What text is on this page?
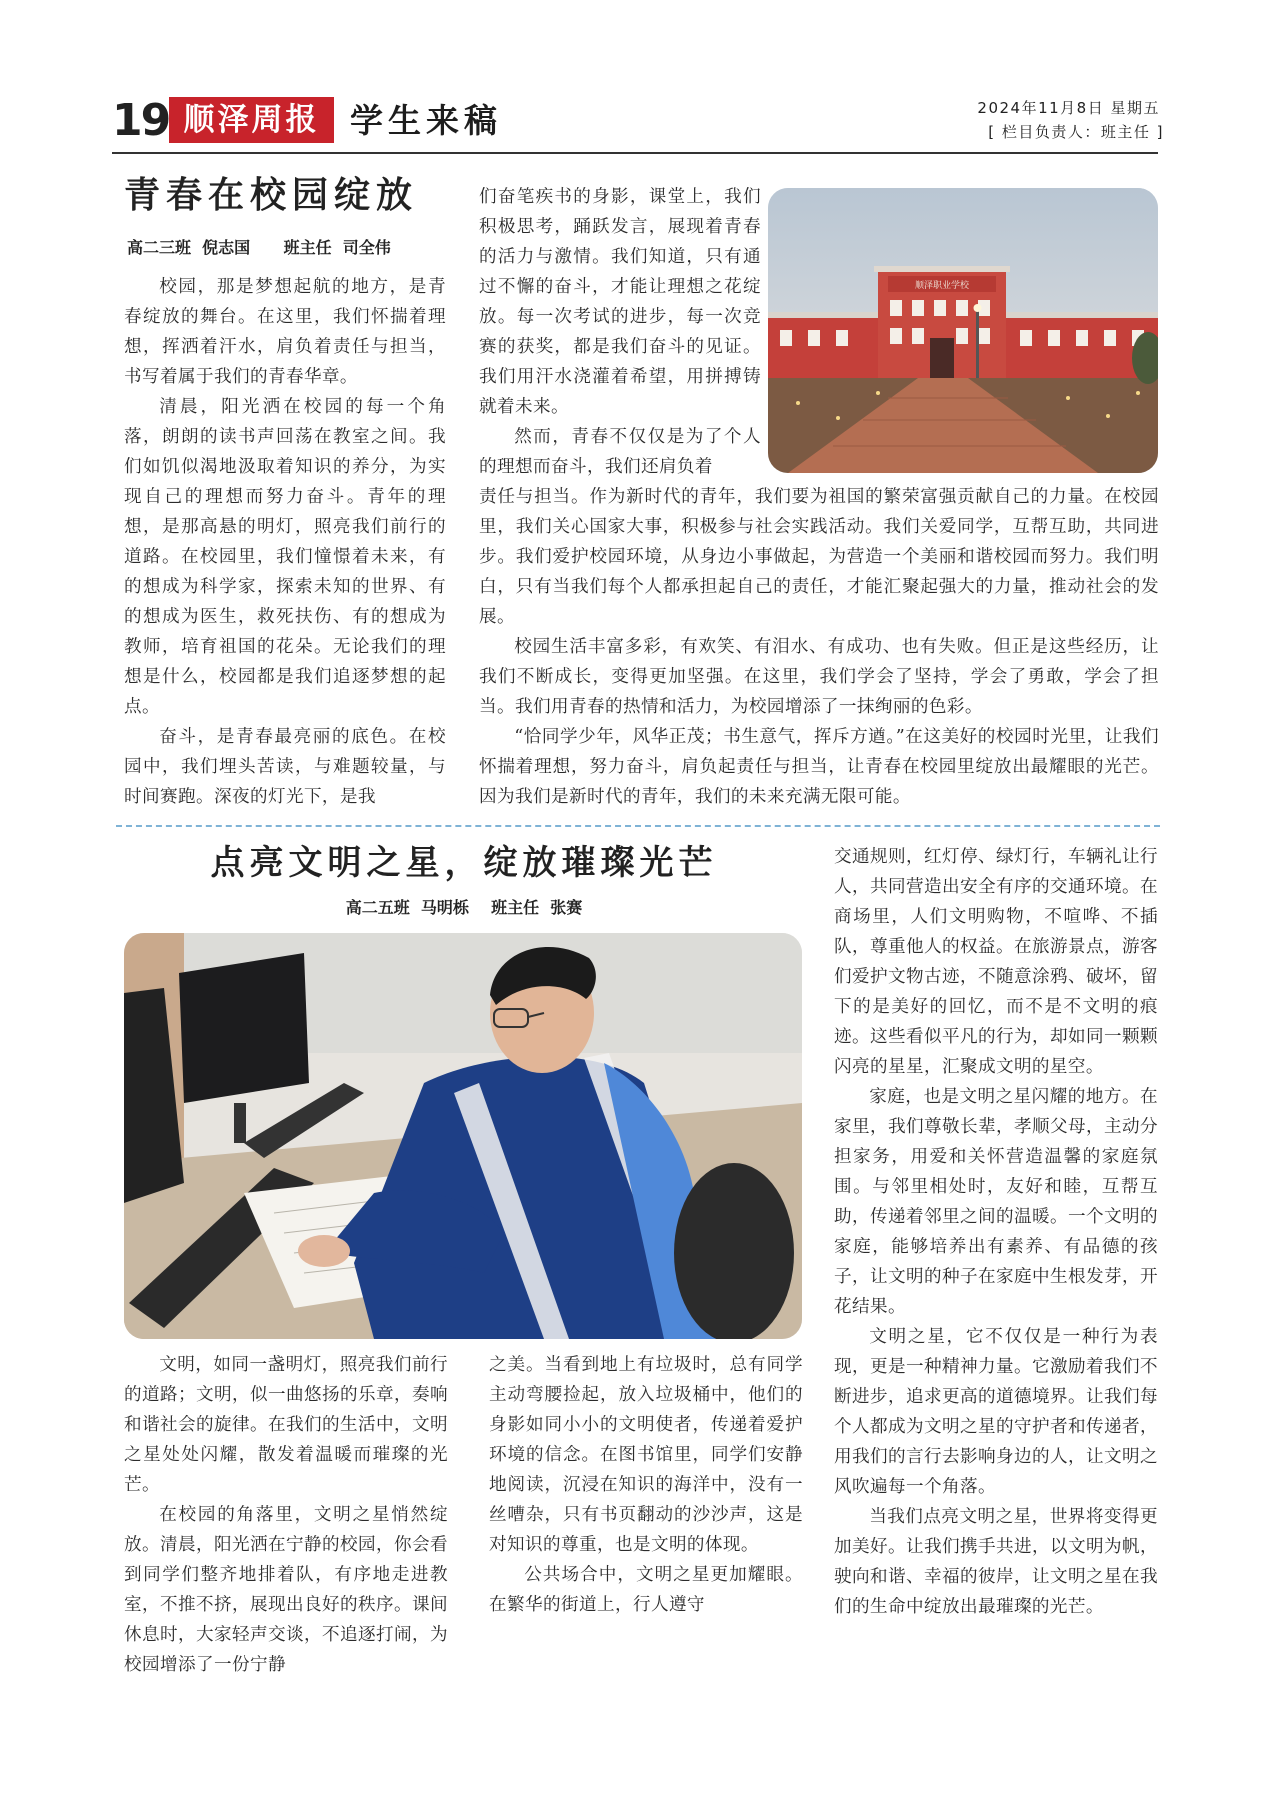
19 顺泽周报 学生来稿	2024年11月8日 星期五
[ 栏目负责人：班主任 ]
青春在校园绽放
高二三班  倪志国      班主任  司全伟

校园，那是梦想起航的地方，是青春绽放的舞台。在这里，我们怀揣着理想，挥洒着汗水，肩负着责任与担当，书写着属于我们的青春华章。

清晨，阳光洒在校园的每一个角落，朗朗的读书声回荡在教室之间。我们如饥似渴地汲取着知识的养分，为实现自己的理想而努力奋斗。青年的理想，是那高悬的明灯，照亮我们前行的道路。在校园里，我们憧憬着未来，有的想成为科学家，探索未知的世界、有的想成为医生，救死扶伤、有的想成为教师，培育祖国的花朵。无论我们的理想是什么，校园都是我们追逐梦想的起点。

奋斗，是青春最亮丽的底色。在校园中，我们埋头苦读，与难题较量，与时间赛跑。深夜的灯光下，是我

们奋笔疾书的身影，课堂上，我们积极思考，踊跃发言，展现着青春的活力与激情。我们知道，只有通过不懈的奋斗，才能让理想之花绽放。每一次考试的进步，每一次竞赛的获奖，都是我们奋斗的见证。我们用汗水浇灌着希望，用拼搏铸就着未来。

然而，青春不仅仅是为了个人的理想而奋斗，我们还肩负着

责任与担当。作为新时代的青年，我们要为祖国的繁荣富强贡献自己的力量。在校园里，我们关心国家大事，积极参与社会实践活动。我们关爱同学，互帮互助，共同进步。我们爱护校园环境，从身边小事做起，为营造一个美丽和谐校园而努力。我们明白，只有当我们每个人都承担起自己的责任，才能汇聚起强大的力量，推动社会的发展。

校园生活丰富多彩，有欢笑、有泪水、有成功、也有失败。但正是这些经历，让我们不断成长，变得更加坚强。在这里，我们学会了坚持，学会了勇敢，学会了担当。我们用青春的热情和活力，为校园增添了一抹绚丽的色彩。

“恰同学少年，风华正茂；书生意气，挥斥方遒。”在这美好的校园时光里，让我们怀揣着理想，努力奋斗，肩负起责任与担当，让青春在校园里绽放出最耀眼的光芒。因为我们是新时代的青年，我们的未来充满无限可能。

顺泽职业学校
点亮文明之星，绽放璀璨光芒
高二五班  马明栎    班主任  张赛

文明，如同一盏明灯，照亮我们前行的道路；文明，似一曲悠扬的乐章，奏响和谐社会的旋律。在我们的生活中，文明之星处处闪耀，散发着温暖而璀璨的光芒。

在校园的角落里，文明之星悄然绽放。清晨，阳光洒在宁静的校园，你会看到同学们整齐地排着队，有序地走进教室，不推不挤，展现出良好的秩序。课间休息时，大家轻声交谈，不追逐打闹，为校园增添了一份宁静

之美。当看到地上有垃圾时，总有同学主动弯腰捡起，放入垃圾桶中，他们的身影如同小小的文明使者，传递着爱护环境的信念。在图书馆里，同学们安静地阅读，沉浸在知识的海洋中，没有一丝嘈杂，只有书页翻动的沙沙声，这是对知识的尊重，也是文明的体现。

公共场合中，文明之星更加耀眼。在繁华的街道上，行人遵守

交通规则，红灯停、绿灯行，车辆礼让行人，共同营造出安全有序的交通环境。在商场里，人们文明购物，不喧哗、不插队，尊重他人的权益。在旅游景点，游客们爱护文物古迹，不随意涂鸦、破坏，留下的是美好的回忆，而不是不文明的痕迹。这些看似平凡的行为，却如同一颗颗闪亮的星星，汇聚成文明的星空。

家庭，也是文明之星闪耀的地方。在家里，我们尊敬长辈，孝顺父母，主动分担家务，用爱和关怀营造温馨的家庭氛围。与邻里相处时，友好和睦，互帮互助，传递着邻里之间的温暖。一个文明的家庭，能够培养出有素养、有品德的孩子，让文明的种子在家庭中生根发芽，开花结果。

文明之星，它不仅仅是一种行为表现，更是一种精神力量。它激励着我们不断进步，追求更高的道德境界。让我们每个人都成为文明之星的守护者和传递者，用我们的言行去影响身边的人，让文明之风吹遍每一个角落。

当我们点亮文明之星，世界将变得更加美好。让我们携手共进，以文明为帆，驶向和谐、幸福的彼岸，让文明之星在我们的生命中绽放出最璀璨的光芒。
